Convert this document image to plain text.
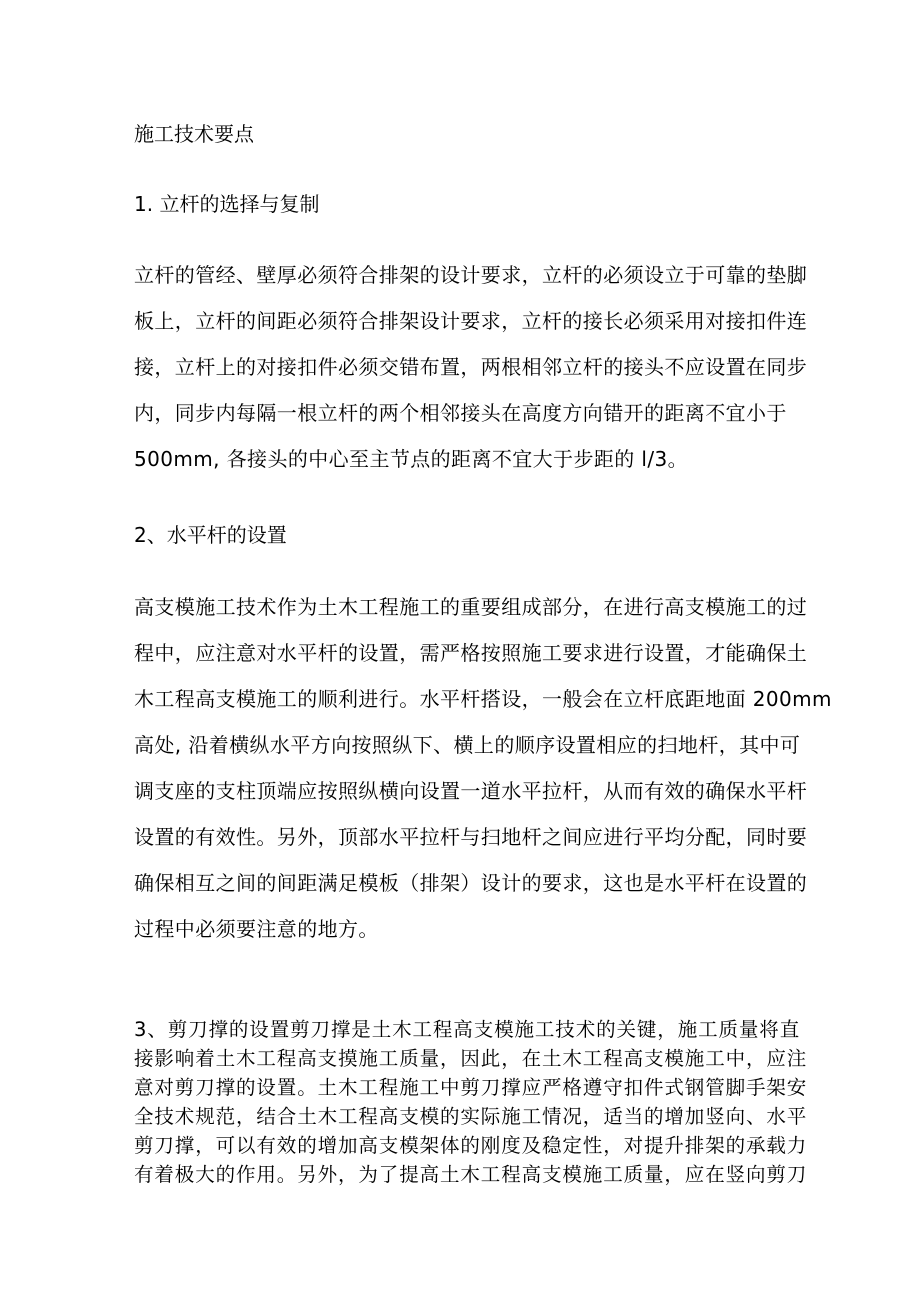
施工技术要点
1. 立杆的选择与复制
立杆的管经、壁厚必须符合排架的设计要求，立杆的必须设立于可靠的垫脚
板上，立杆的间距必须符合排架设计要求，立杆的接长必须采用对接扣件连
接，立杆上的对接扣件必须交错布置，两根相邻立杆的接头不应设置在同步
内，同步内每隔一根立杆的两个相邻接头在高度方向错开的距离不宜小于
500mm, 各接头的中心至主节点的距离不宜大于步距的 l/3。
2、水平杆的设置
高支模施工技术作为土木工程施工的重要组成部分，在进行高支模施工的过
程中，应注意对水平杆的设置，需严格按照施工要求进行设置，才能确保土
木工程高支模施工的顺利进行。水平杆搭设，一般会在立杆底距地面 200mm
高处, 沿着横纵水平方向按照纵下、横上的顺序设置相应的扫地杆，其中可
调支座的支柱顶端应按照纵横向设置一道水平拉杆，从而有效的确保水平杆
设置的有效性。另外，顶部水平拉杆与扫地杆之间应进行平均分配，同时要
确保相互之间的间距满足模板（排架）设计的要求，这也是水平杆在设置的
过程中必须要注意的地方。
3、剪刀撑的设置剪刀撑是土木工程高支模施工技术的关键，施工质量将直
接影响着土木工程高支摸施工质量，因此，在土木工程高支模施工中，应注
意对剪刀撑的设置。土木工程施工中剪刀撑应严格遵守扣件式钢管脚手架安
全技术规范，结合土木工程高支模的实际施工情况，适当的增加竖向、水平
剪刀撑，可以有效的增加高支模架体的刚度及稳定性，对提升排架的承载力
有着极大的作用。另外，为了提高土木工程高支模施工质量，应在竖向剪刀
